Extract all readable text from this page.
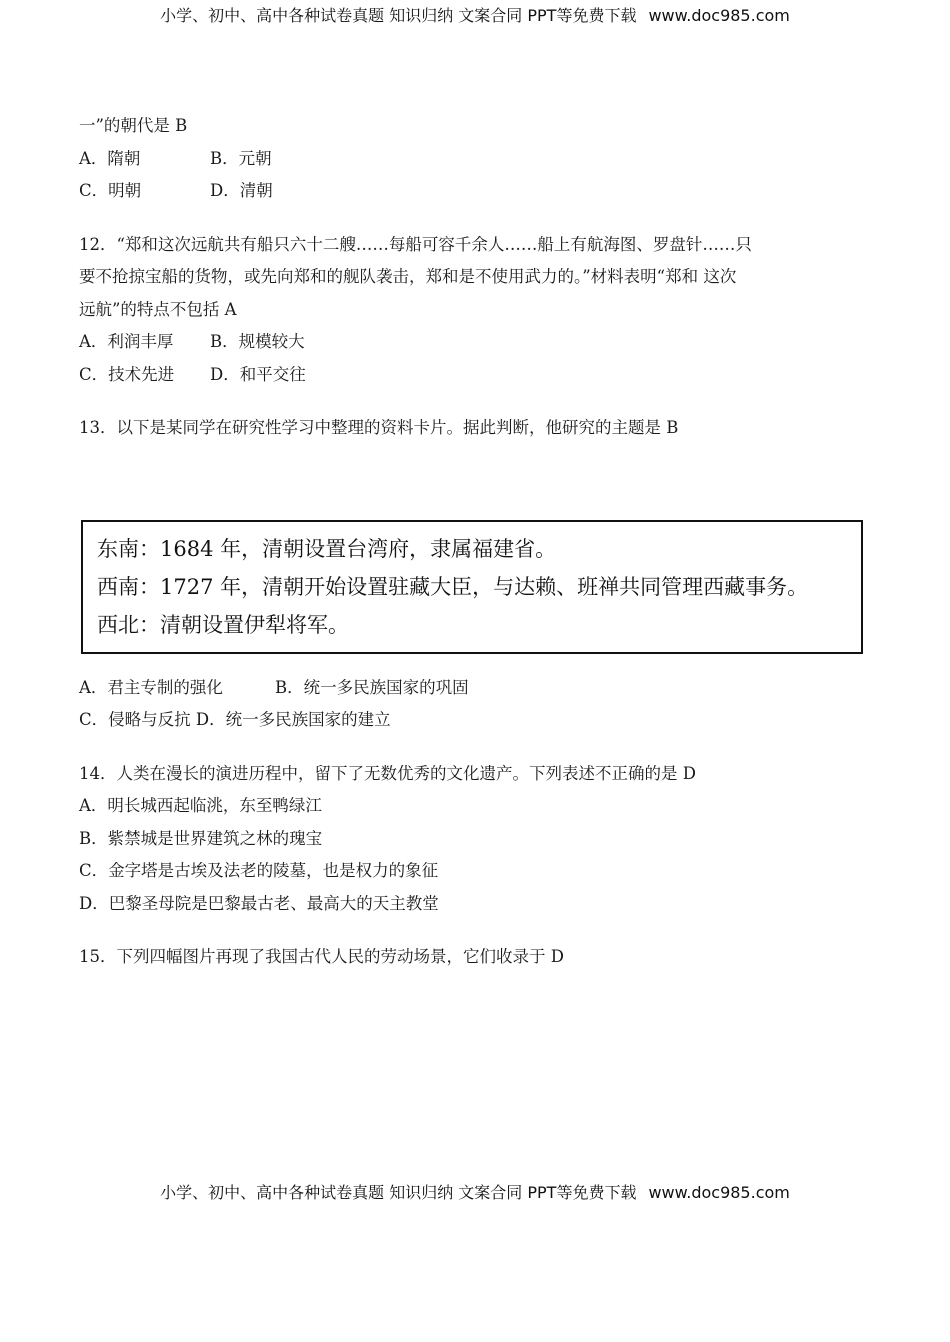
小学、初中、高中各种试卷真题 知识归纳 文案合同 PPT等免费下载 www.doc985.com
一”的朝代是 B
A．隋朝	B．元朝
C．明朝	D．清朝
12．“郑和这次远航共有船只六十二艘……每船可容千余人……船上有航海图、罗盘针……只
要不抢掠宝船的货物，或先向郑和的舰队袭击，郑和是不使用武力的。”材料表明“郑和 这次
远航”的特点不包括 A
A．利润丰厚 B．规模较大
C．技术先进 D．和平交往
13．以下是某同学在研究性学习中整理的资料卡片。据此判断，他研究的主题是 B
东南：1684 年，清朝设置台湾府，隶属福建省。
西南：1727 年，清朝开始设置驻藏大臣，与达赖、班禅共同管理西藏事务。
西北：清朝设置伊犁将军。
A．君主专制的强化	B．统一多民族国家的巩固
C．侵略与反抗 D．统一多民族国家的建立
14．人类在漫长的演进历程中，留下了无数优秀的文化遗产。下列表述不正确的是 D
A．明长城西起临洮，东至鸭绿江
B．紫禁城是世界建筑之林的瑰宝
C．金字塔是古埃及法老的陵墓，也是权力的象征
D．巴黎圣母院是巴黎最古老、最高大的天主教堂
15．下列四幅图片再现了我国古代人民的劳动场景，它们收录于 D
小学、初中、高中各种试卷真题 知识归纳 文案合同 PPT等免费下载 www.doc985.com
